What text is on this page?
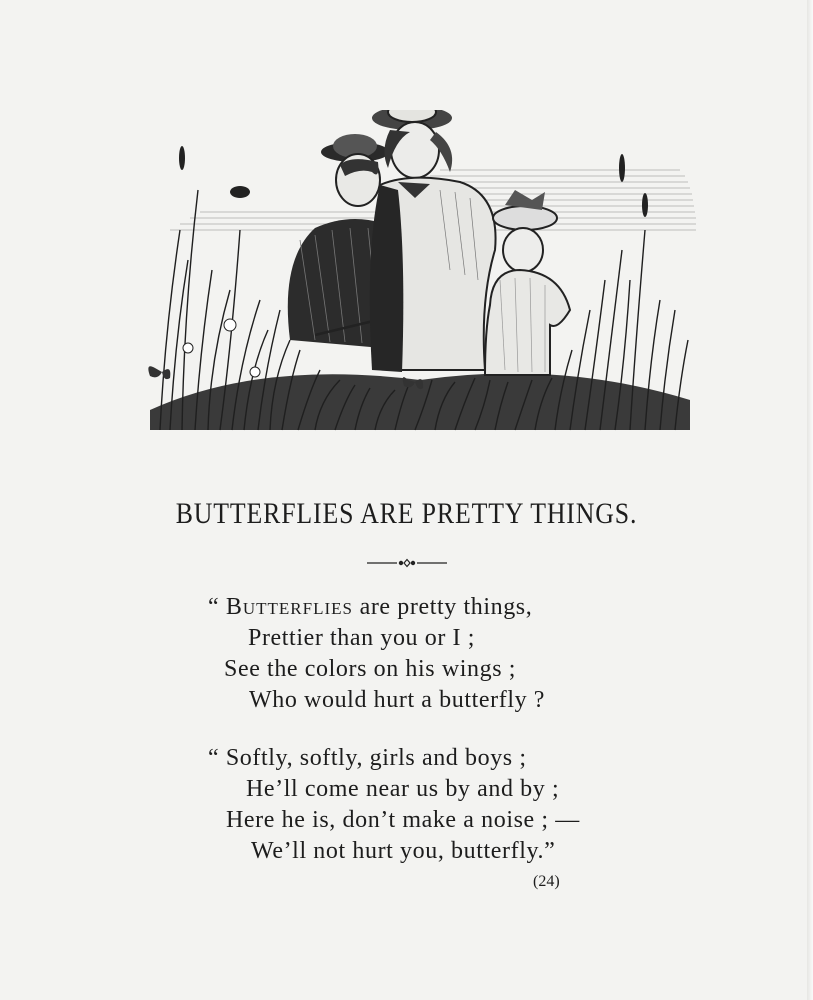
BUTTERFLIES ARE PRETTY THINGS.
“ Butterflies are pretty things,
Prettier than you or I ;
See the colors on his wings ;
Who would hurt a butterfly ?
“ Softly, softly, girls and boys ;
He’ll come near us by and by ;
Here he is, don’t make a noise ; —
We’ll not hurt you, butterfly.”
(24)
